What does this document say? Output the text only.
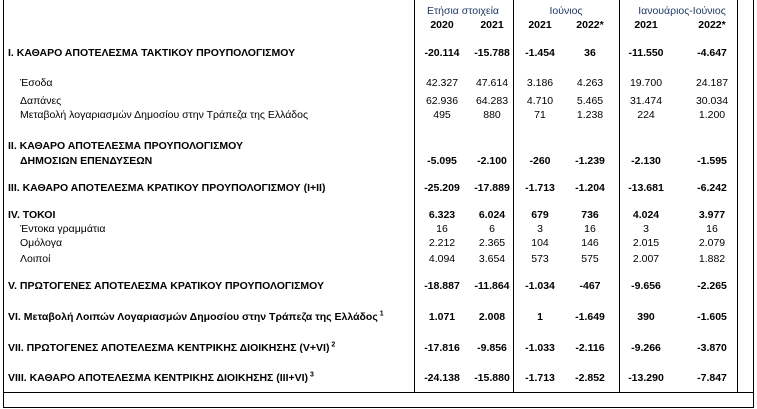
Ετήσια στοιχεία	Ιούνιος	Ιανουάριος-Ιούνιος
2020	2021	2021	2022*	2021	2022*
I. ΚΑΘΑΡΟ ΑΠΟΤΕΛΕΣΜΑ ΤΑΚΤΙΚΟΥ ΠΡΟΥΠΟΛΟΓΙΣΜΟΥ	-20.114	-15.788	-1.454	36	-11.550	-4.647
Έσοδα	42.327	47.614	3.186	4.263	19.700	24.187
Δαπάνες	62.936	64.283	4.710	5.465	31.474	30.034
Μεταβολή λογαριασμών Δημοσίου στην Τράπεζα της Ελλάδος	495	880	71	1.238	224	1.200
II. ΚΑΘΑΡΟ ΑΠΟΤΕΛΕΣΜΑ ΠΡΟΥΠΟΛΟΓΙΣΜΟΥ
ΔΗΜΟΣΙΩΝ ΕΠΕΝΔΥΣΕΩΝ	-5.095	-2.100	-260	-1.239	-2.130	-1.595
III. ΚΑΘΑΡΟ ΑΠΟΤΕΛΕΣΜΑ ΚΡΑΤΙΚΟΥ ΠΡΟΥΠΟΛΟΓΙΣΜΟΥ (I+II)	-25.209	-17.889	-1.713	-1.204	-13.681	-6.242
IV. ΤΟΚΟΙ	6.323	6.024	679	736	4.024	3.977
Έντοκα γραμμάτια	16	6	3	16	3	16
Ομόλογα	2.212	2.365	104	146	2.015	2.079
Λοιποί	4.094	3.654	573	575	2.007	1.882
V. ΠΡΩΤΟΓΕΝΕΣ ΑΠΟΤΕΛΕΣΜΑ ΚΡΑΤΙΚΟΥ ΠΡΟΥΠΟΛΟΓΙΣΜΟΥ	-18.887	-11.864	-1.034	-467	-9.656	-2.265
VI. Μεταβολή Λοιπών Λογαριασμών Δημοσίου στην Τράπεζα της Ελλάδος $^1$	1.071	2.008	1	-1.649	390	-1.605
VII. ΠΡΩΤΟΓΕΝΕΣ ΑΠΟΤΕΛΕΣΜΑ ΚΕΝΤΡΙΚΗΣ ΔΙΟΙΚΗΣΗΣ (V+VI) $^2$	-17.816	-9.856	-1.033	-2.116	-9.266	-3.870
VIII. ΚΑΘΑΡΟ ΑΠΟΤΕΛΕΣΜΑ ΚΕΝΤΡΙΚΗΣ ΔΙΟΙΚΗΣΗΣ (III+VI) $^3$	-24.138	-15.880	-1.713	-2.852	-13.290	-7.847
